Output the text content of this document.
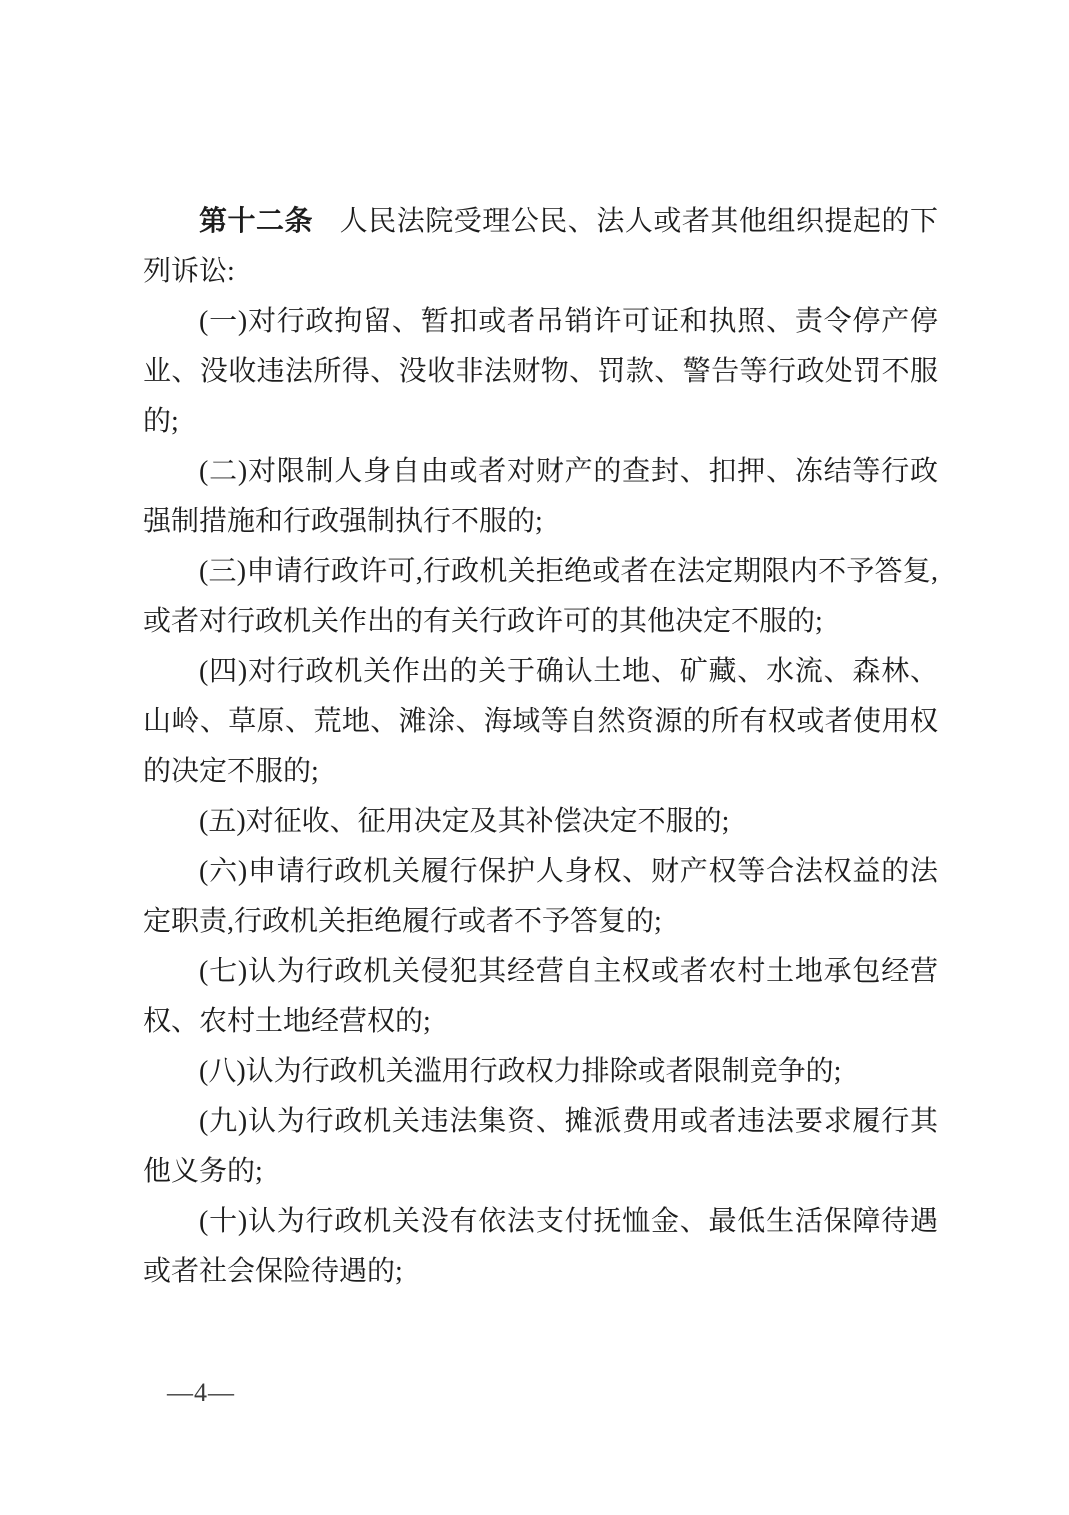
第十二条 人民法院受理公民、法人或者其他组织提起的下列诉讼:

(一)对行政拘留、暂扣或者吊销许可证和执照、责令停产停业、没收违法所得、没收非法财物、罚款、警告等行政处罚不服的;

(二)对限制人身自由或者对财产的查封、扣押、冻结等行政强制措施和行政强制执行不服的;

(三)申请行政许可,行政机关拒绝或者在法定期限内不予答复,或者对行政机关作出的有关行政许可的其他决定不服的;

(四)对行政机关作出的关于确认土地、矿藏、水流、森林、山岭、草原、荒地、滩涂、海域等自然资源的所有权或者使用权的决定不服的;

(五)对征收、征用决定及其补偿决定不服的;

(六)申请行政机关履行保护人身权、财产权等合法权益的法定职责,行政机关拒绝履行或者不予答复的;

(七)认为行政机关侵犯其经营自主权或者农村土地承包经营权、农村土地经营权的;

(八)认为行政机关滥用行政权力排除或者限制竞争的;

(九)认为行政机关违法集资、摊派费用或者违法要求履行其他义务的;

(十)认为行政机关没有依法支付抚恤金、最低生活保障待遇或者社会保险待遇的;

—4—
